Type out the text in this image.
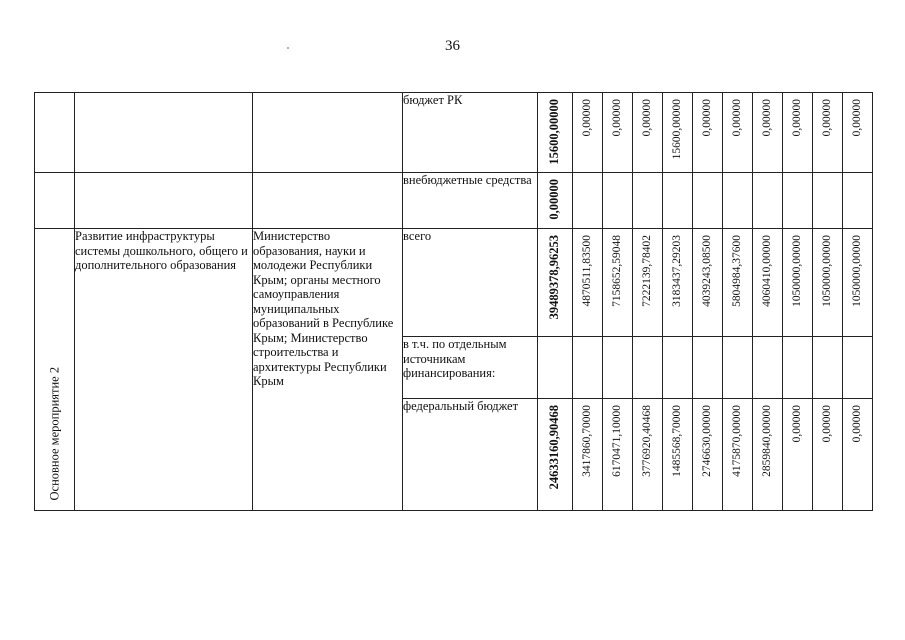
36
			бюджет РК	15600,00000	0,00000	0,00000	0,00000	15600,00000	0,00000	0,00000	0,00000	0,00000	0,00000	0,00000

			внебюджетные средства	0,00000										

Основное мероприятие 2	Развитие инфраструктуры системы дошкольного, общего и дополнительного образования	Министерство образования, науки и молодежи Республики Крым; органы местного самоуправления муниципальных образований в Республике Крым; Министерство строительства и архитектуры Республики Крым	всего	39489378,96253	4870511,83500	7158652,59048	7222139,78402	3183437,29203	4039243,08500	5804984,37600	4060410,00000	1050000,00000	1050000,00000	1050000,00000

			в т.ч. по отдельным источникам финансирования:											
			федеральный бюджет	24633160,90468	3417860,70000	6170471,10000	3776920,40468	1485568,70000	2746630,00000	4175870,00000	2859840,00000	0,00000	0,00000	0,00000
